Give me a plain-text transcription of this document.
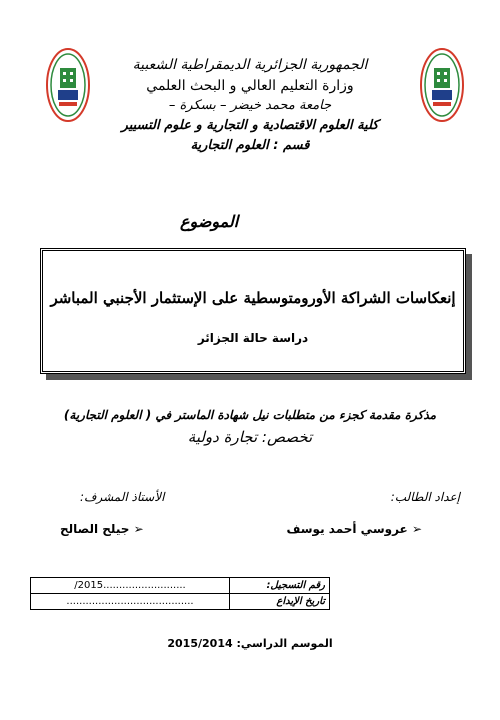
الجمهورية الجزائرية الديمقراطية الشعبية
وزارة التعليم العالي و البحث العلمي
جامعة محمد خيضر – بسكرة –
كلية العلوم الاقتصادية و التجارية و علوم التسيير
قسم : العلوم التجارية
الموضوع
إنعكاسات الشراكة الأورومتوسطية على الإستثمار الأجنبي المباشر
دراسة حالة الجزائر
مذكرة مقدمة كجزء من متطلبات نيل شهادة الماستر في ( العلوم التجارية)
تخصص: تجارة دولية
إعداد الطالب:
الأستاذ المشرف:
➢ عروسي أحمد يوسف
➢ جيلح الصالح
/2015..........................	رقم التسجيل:
........................................	تاريخ الإيداع
الموسم الدراسي: 2015/2014
